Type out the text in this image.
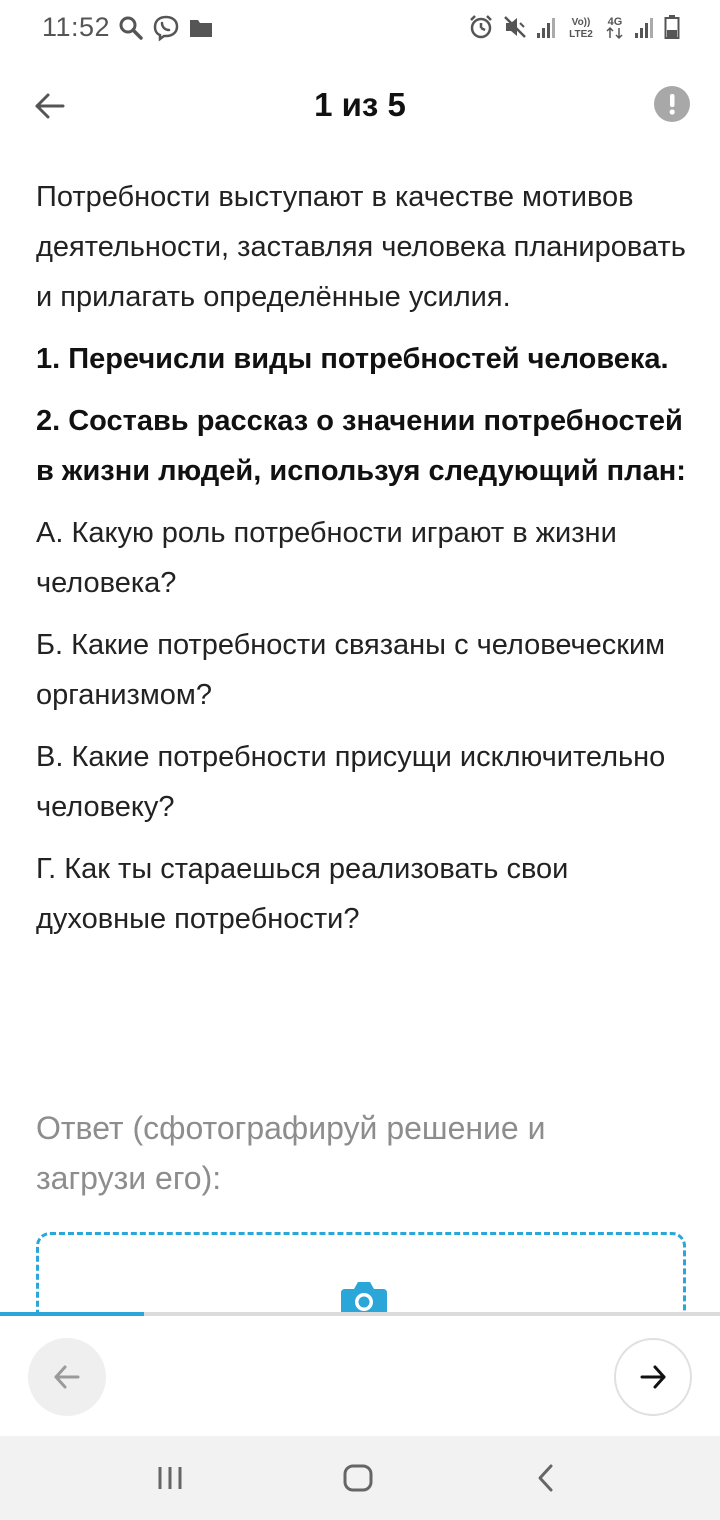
11:52	Vo))
LTE2
4G
1 из 5

Потребности выступают в качестве мотивов деятельности, заставляя человека планировать и прилагать определённые усилия.

1. Перечисли виды потребностей человека.

2. Составь рассказ о значении потребностей в жизни людей, используя следующий план:

А. Какую роль потребности играют в жизни человека?

Б. Какие потребности связаны с человеческим организмом?

В. Какие потребности присущи исключительно человеку?

Г. Как ты стараешься реализовать свои духовные потребности?

Ответ (сфотографируй решение и загрузи его):
